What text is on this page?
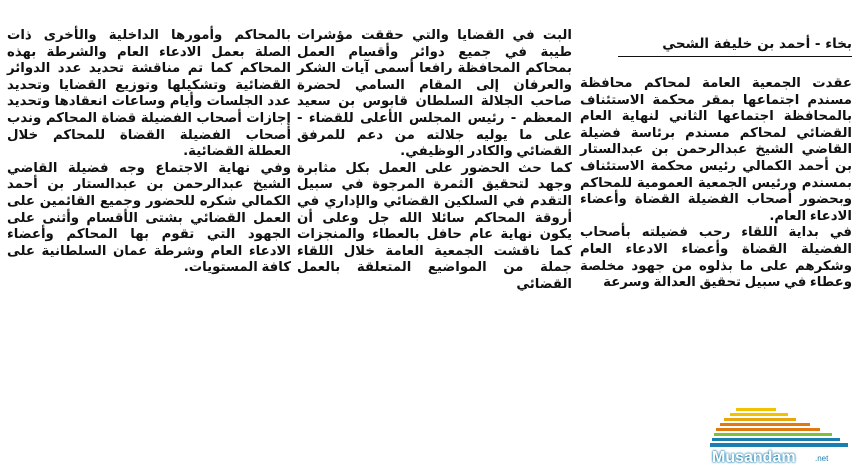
بخاء - أحمد بن خليفة الشحي

عقدت الجمعية العامة لمحاكم محافظة مسندم اجتماعها بمقر محكمة الاستئناف بالمحافظة اجتماعها الثاني لنهاية العام القضائي لمحاكم مسندم برئاسة فضيلة القاضي الشيخ عبدالرحمن بن عبدالستار بن أحمد الكمالي رئيس محكمة الاستئناف بمسندم ورئيس الجمعية العمومية للمحاكم وبحضور أصحاب الفضيلة القضاة وأعضاء الادعاء العام.

في بداية اللقاء رحب فضيلته بأصحاب الفضيلة القضاة وأعضاء الادعاء العام وشكرهم على ما بذلوه من جهود مخلصة وعطاء في سبيل تحقيق العدالة وسرعة

البت في القضايا والتي حققت مؤشرات طيبة في جميع دوائر وأقسام العمل بمحاكم المحافظة رافعا أسمى آيات الشكر والعرفان إلى المقام السامي لحضرة صاحب الجلالة السلطان قابوس بن سعيد المعظم - رئيس المجلس الأعلى للقضاء - على ما يوليه جلالته من دعم للمرفق القضائي والكادر الوظيفي.

كما حث الحضور على العمل بكل مثابرة وجهد لتحقيق الثمرة المرجوة في سبيل التقدم في السلكين القضائي والإداري في أروقة المحاكم سائلا الله جل وعلى أن يكون نهاية عام حافل بالعطاء والمنجزات كما ناقشت الجمعية العامة خلال اللقاء جملة من المواضيع المتعلقة بالعمل القضائي

بالمحاكم وأمورها الداخلية والأخرى ذات الصلة بعمل الادعاء العام والشرطة بهذه المحاكم كما تم مناقشة تحديد عدد الدوائر القضائية وتشكيلها وتوزيع القضايا وتحديد عدد الجلسات وأيام وساعات انعقادها وتحديد إجازات أصحاب الفضيلة قضاة المحاكم وندب أصحاب الفضيلة القضاة للمحاكم خلال العطلة القضائية.

وفي نهاية الاجتماع وجه فضيلة القاضي الشيخ عبدالرحمن بن عبدالستار بن أحمد الكمالي شكره للحضور وجميع القائمين على العمل القضائي بشتى الأقسام وأثنى على الجهود التي تقوم بها المحاكم وأعضاء الادعاء العام وشرطة عمان السلطانية على كافة المستويات.

Musandam .net
